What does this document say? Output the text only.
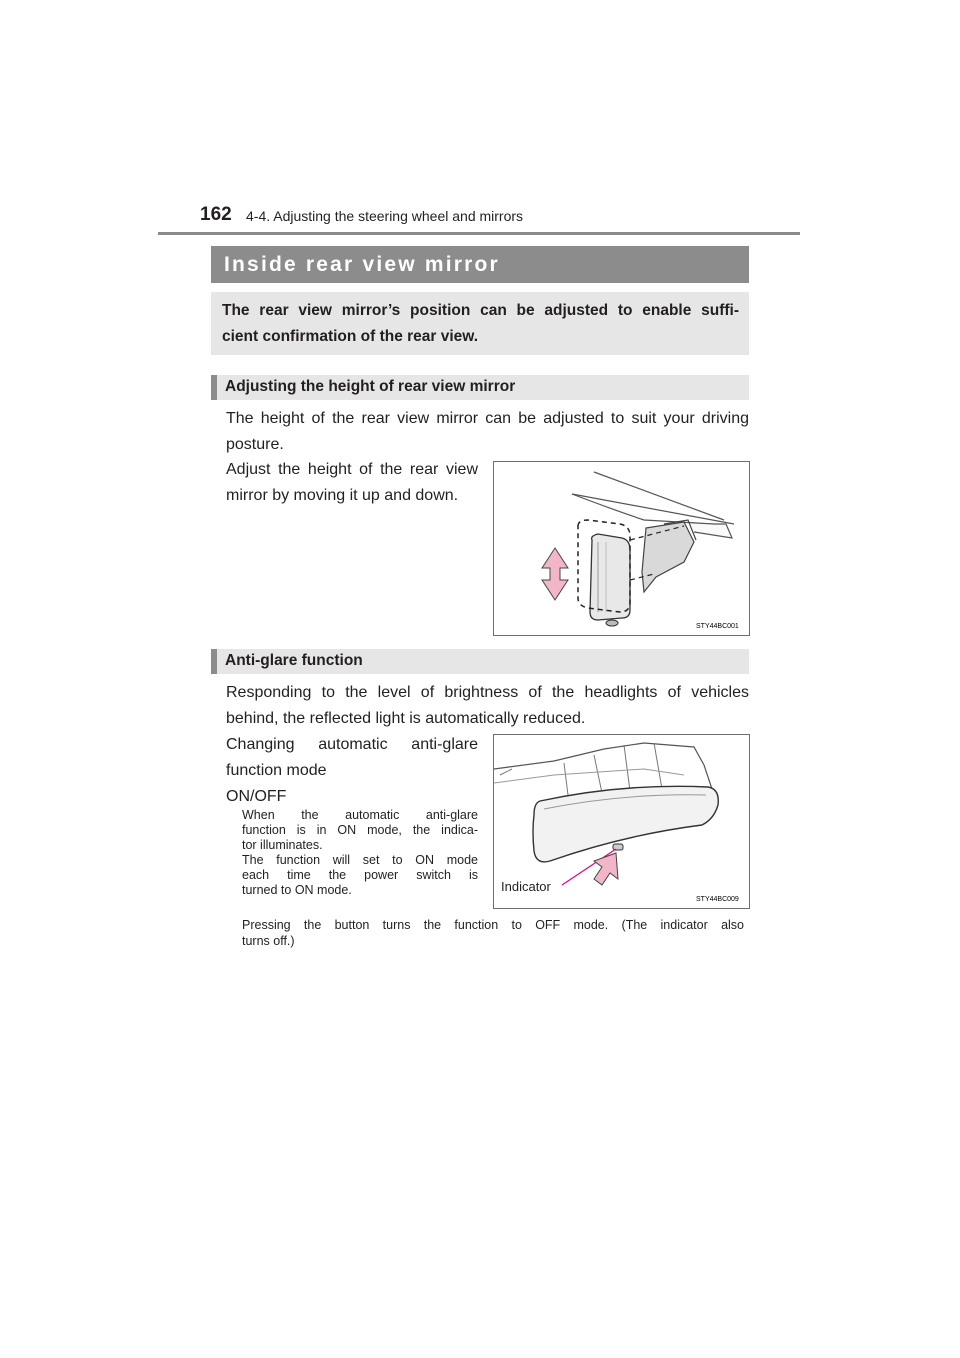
162 4-4. Adjusting the steering wheel and mirrors
Inside rear view mirror
The rear view mirror’s position can be adjusted to enable suffi-
cient confirmation of the rear view.
Adjusting the height of rear view mirror
The height of the rear view mirror can be adjusted to suit your driving
posture.
Adjust the height of the rear view
mirror by moving it up and down.
STY44BC001
Anti-glare function
Responding to the level of brightness of the headlights of vehicles
behind, the reflected light is automatically reduced.
Changing automatic anti-glare
function mode
ON/OFF
When the automatic anti-glare
function is in ON mode, the indica-
tor illuminates.
The function will set to ON mode
each time the power switch is
turned to ON mode.
Pressing the button turns the function to OFF mode. (The indicator also
turns off.)
Indicator
STY44BC009
